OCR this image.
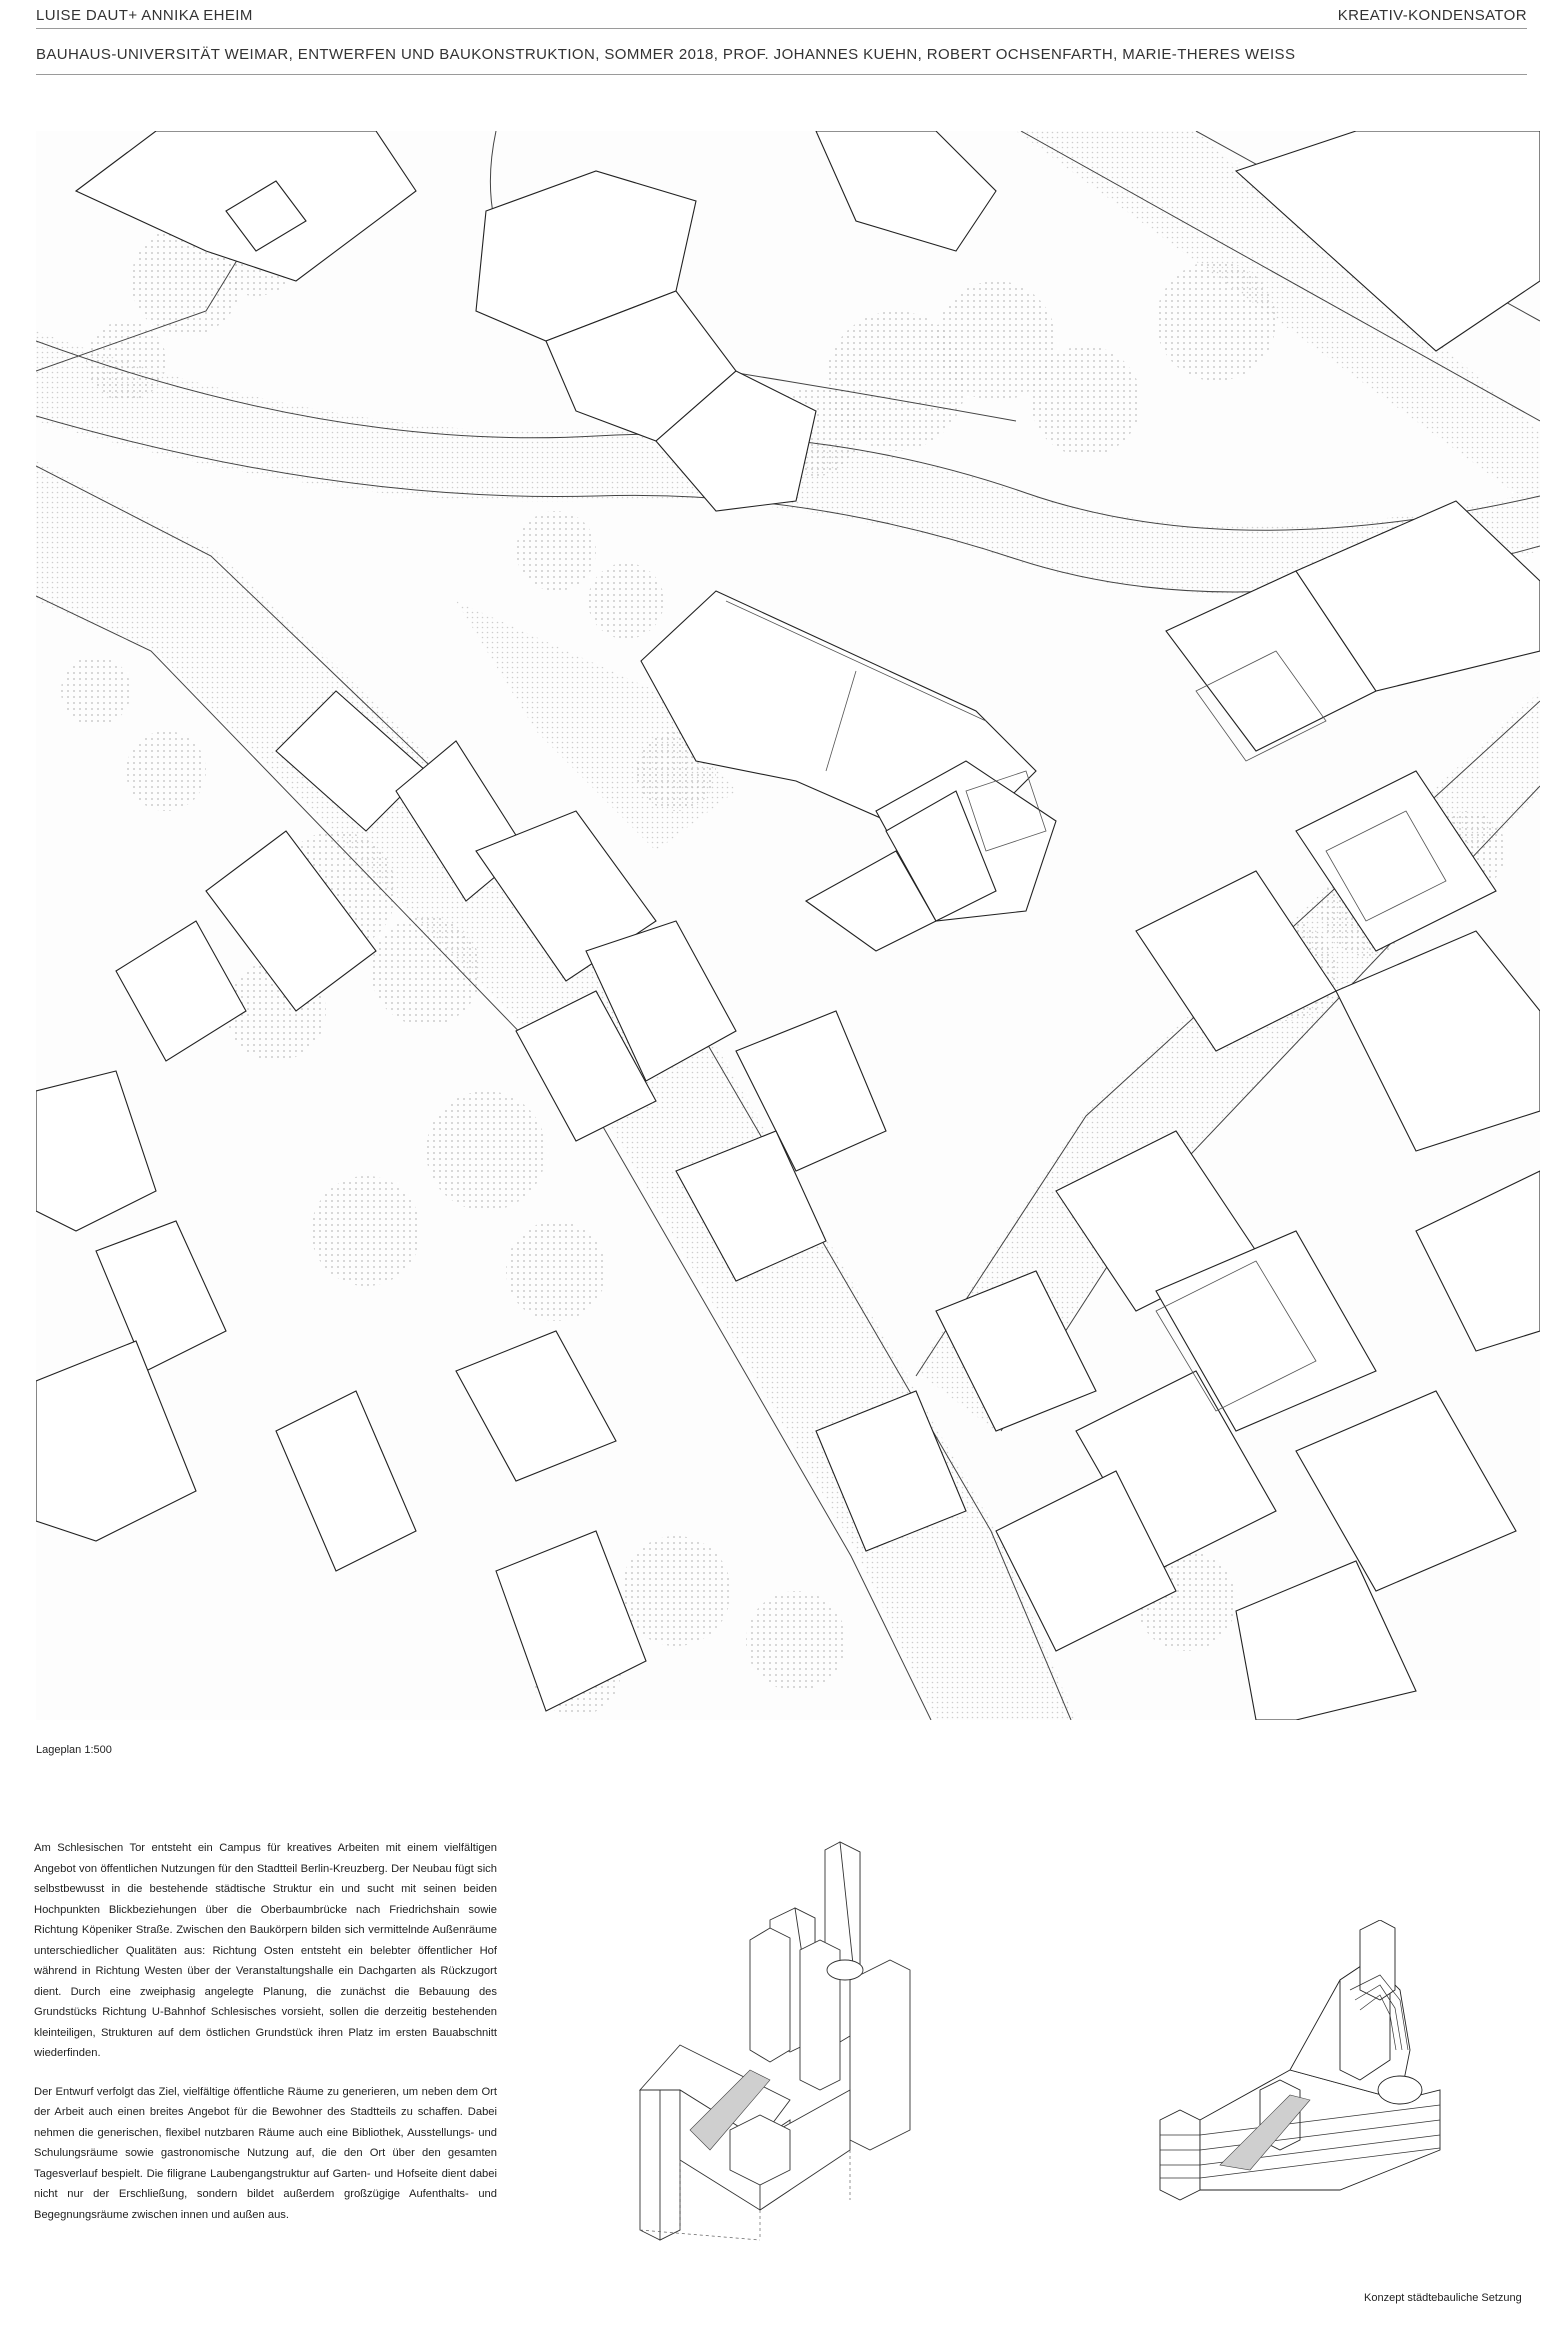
LUISE DAUT+ ANNIKA EHEIM	KREATIV-KONDENSATOR
BAUHAUS-UNIVERSITÄT WEIMAR, ENTWERFEN UND BAUKONSTRUKTION, SOMMER 2018, PROF. JOHANNES KUEHN, ROBERT OCHSENFARTH, MARIE-THERES WEISS
Lageplan 1:500

Am Schlesischen Tor entsteht ein Campus für kreatives Arbeiten mit einem vielfältigen Angebot von öffentlichen Nutzungen für den Stadtteil Berlin-Kreuzberg. Der Neubau fügt sich selbstbewusst in die bestehende städtische Struktur ein und sucht mit seinen beiden Hochpunkten Blickbeziehungen über die Oberbaumbrücke nach Friedrichshain sowie Richtung Köpeniker Straße. Zwischen den Baukörpern bilden sich vermittelnde Außenräume unterschiedlicher Qualitäten aus: Richtung Osten entsteht ein belebter öffentlicher Hof während in Richtung Westen über der Veranstaltungshalle ein Dachgarten als Rückzugort dient. Durch eine zweiphasig angelegte Planung, die zunächst die Bebauung des Grundstücks Richtung U-Bahnhof Schlesisches vorsieht, sollen die derzeitig bestehenden kleinteiligen, Strukturen auf dem östlichen Grundstück ihren Platz im ersten Bauabschnitt wiederfinden.

Der Entwurf verfolgt das Ziel, vielfältige öffentliche Räume zu generieren, um neben dem Ort der Arbeit auch einen breites Angebot für die Bewohner des Stadtteils zu schaffen. Dabei nehmen die generischen, flexibel nutzbaren Räume auch eine Bibliothek, Ausstellungs- und Schulungsräume sowie gastronomische Nutzung auf, die den Ort über den gesamten Tagesverlauf bespielt. Die filigrane Laubengangstruktur auf Garten- und Hofseite dient dabei nicht nur der Erschließung, sondern bildet außerdem großzügige Aufenthalts- und Begegnungsräume zwischen innen und außen aus.

Konzept städtebauliche Setzung
